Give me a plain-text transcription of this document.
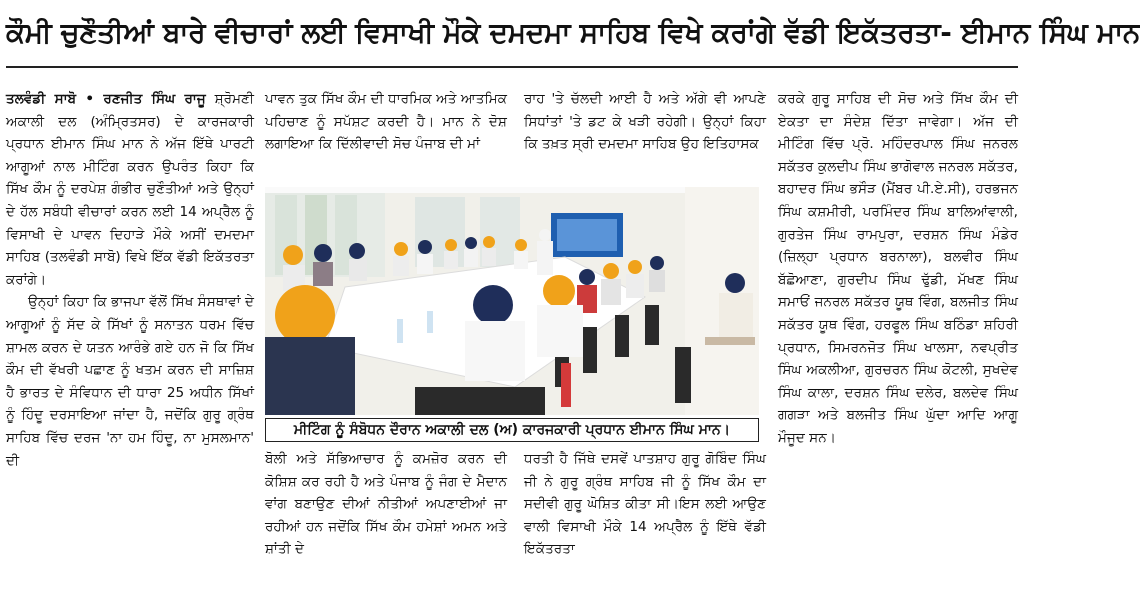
ਕੌਮੀ ਚੁਣੌਤੀਆਂ ਬਾਰੇ ਵੀਚਾਰਾਂ ਲਈ ਵਿਸਾਖੀ ਮੌਕੇ ਦਮਦਮਾ ਸਾਹਿਬ ਵਿਖੇ ਕਰਾਂਗੇ ਵੱਡੀ ਇਕੱਤਰਤਾ- ਈਮਾਨ ਸਿੰਘ ਮਾਨ

ਤਲਵੰਡੀ ਸਾਬੋ • ਰਣਜੀਤ ਸਿੰਘ ਰਾਜੂ ਸ਼੍ਰੋਮਣੀ ਅਕਾਲੀ ਦਲ (ਅੰਮ੍ਰਿਤਸਰ) ਦੇ ਕਾਰਜਕਾਰੀ ਪ੍ਰਧਾਨ ਈਮਾਨ ਸਿੰਘ ਮਾਨ ਨੇ ਅੱਜ ਇੱਥੇ ਪਾਰਟੀ ਆਗੂਆਂ ਨਾਲ ਮੀਟਿੰਗ ਕਰਨ ਉਪਰੰਤ ਕਿਹਾ ਕਿ ਸਿੱਖ ਕੌਮ ਨੂੰ ਦਰਪੇਸ਼ ਗੰਭੀਰ ਚੁਣੌਤੀਆਂ ਅਤੇ ਉਨ੍ਹਾਂ ਦੇ ਹੱਲ ਸਬੰਧੀ ਵੀਚਾਰਾਂ ਕਰਨ ਲਈ 14 ਅਪ੍ਰੈਲ ਨੂੰ ਵਿਸਾਖੀ ਦੇ ਪਾਵਨ ਦਿਹਾੜੇ ਮੌਕੇ ਅਸੀਂ ਦਮਦਮਾ ਸਾਹਿਬ (ਤਲਵੰਡੀ ਸਾਬੋ) ਵਿਖੇ ਇੱਕ ਵੱਡੀ ਇਕੱਤਰਤਾ ਕਰਾਂਗੇ।

ਉਨ੍ਹਾਂ ਕਿਹਾ ਕਿ ਭਾਜਪਾ ਵੱਲੋਂ ਸਿੱਖ ਸੰਸਥਾਵਾਂ ਦੇ ਆਗੂਆਂ ਨੂੰ ਸੱਦ ਕੇ ਸਿੱਖਾਂ ਨੂੰ ਸਨਾਤਨ ਧਰਮ ਵਿੱਚ ਸ਼ਾਮਲ ਕਰਨ ਦੇ ਯਤਨ ਆਰੰਭੇ ਗਏ ਹਨ ਜੋ ਕਿ ਸਿੱਖ ਕੌਮ ਦੀ ਵੱਖਰੀ ਪਛਾਣ ਨੂੰ ਖਤਮ ਕਰਨ ਦੀ ਸਾਜ਼ਿਸ਼ ਹੈ ਭਾਰਤ ਦੇ ਸੰਵਿਧਾਨ ਦੀ ਧਾਰਾ 25 ਅਧੀਨ ਸਿੱਖਾਂ ਨੂੰ ਹਿੰਦੂ ਦਰਸਾਇਆ ਜਾਂਦਾ ਹੈ, ਜਦੋਂਕਿ ਗੁਰੂ ਗ੍ਰੰਥ ਸਾਹਿਬ ਵਿੱਚ ਦਰਜ 'ਨਾ ਹਮ ਹਿੰਦੂ, ਨਾ ਮੁਸਲਮਾਨ' ਦੀ

ਪਾਵਨ ਤੁਕ ਸਿੱਖ ਕੌਮ ਦੀ ਧਾਰਮਿਕ ਅਤੇ ਆਤਮਿਕ ਪਹਿਚਾਣ ਨੂੰ ਸਪੱਸ਼ਟ ਕਰਦੀ ਹੈ। ਮਾਨ ਨੇ ਦੋਸ਼ ਲਗਾਇਆ ਕਿ ਦਿੱਲੀਵਾਦੀ ਸੋਚ ਪੰਜਾਬ ਦੀ ਮਾਂ

ਰਾਹ 'ਤੇ ਚੱਲਦੀ ਆਈ ਹੈ ਅਤੇ ਅੱਗੇ ਵੀ ਆਪਣੇ ਸਿਧਾਂਤਾਂ 'ਤੇ ਡਟ ਕੇ ਖੜੀ ਰਹੇਗੀ। ਉਨ੍ਹਾਂ ਕਿਹਾ ਕਿ ਤਖ਼ਤ ਸ੍ਰੀ ਦਮਦਮਾ ਸਾਹਿਬ ਉਹ ਇਤਿਹਾਸਕ

ਮੀਟਿੰਗ ਨੂੰ ਸੰਬੋਧਨ ਦੌਰਾਨ ਅਕਾਲੀ ਦਲ (ਅ) ਕਾਰਜਕਾਰੀ ਪ੍ਰਧਾਨ ਈਮਾਨ ਸਿੰਘ ਮਾਨ।

ਬੋਲੀ ਅਤੇ ਸੱਭਿਆਚਾਰ ਨੂੰ ਕਮਜ਼ੋਰ ਕਰਨ ਦੀ ਕੋਸ਼ਿਸ਼ ਕਰ ਰਹੀ ਹੈ ਅਤੇ ਪੰਜਾਬ ਨੂੰ ਜੰਗ ਦੇ ਮੈਦਾਨ ਵਾਂਗ ਬਣਾਉਣ ਦੀਆਂ ਨੀਤੀਆਂ ਅਪਣਾਈਆਂ ਜਾ ਰਹੀਆਂ ਹਨ ਜਦੋਂਕਿ ਸਿੱਖ ਕੌਮ ਹਮੇਸ਼ਾਂ ਅਮਨ ਅਤੇ ਸ਼ਾਂਤੀ ਦੇ

ਧਰਤੀ ਹੈ ਜਿੱਥੇ ਦਸਵੇਂ ਪਾਤਸ਼ਾਹ ਗੁਰੂ ਗੋਬਿੰਦ ਸਿੰਘ ਜੀ ਨੇ ਗੁਰੂ ਗ੍ਰੰਥ ਸਾਹਿਬ ਜੀ ਨੂੰ ਸਿੱਖ ਕੌਮ ਦਾ ਸਦੀਵੀ ਗੁਰੂ ਘੋਸ਼ਿਤ ਕੀਤਾ ਸੀ।ਇਸ ਲਈ ਆਉਣ ਵਾਲੀ ਵਿਸਾਖੀ ਮੌਕੇ 14 ਅਪ੍ਰੈਲ ਨੂੰ ਇੱਥੇ ਵੱਡੀ ਇਕੱਤਰਤਾ

ਕਰਕੇ ਗੁਰੂ ਸਾਹਿਬ ਦੀ ਸੋਚ ਅਤੇ ਸਿੱਖ ਕੌਮ ਦੀ ਏਕਤਾ ਦਾ ਸੰਦੇਸ਼ ਦਿੱਤਾ ਜਾਵੇਗਾ। ਅੱਜ ਦੀ ਮੀਟਿੰਗ ਵਿੱਚ ਪ੍ਰੋ. ਮਹਿੰਦਰਪਾਲ ਸਿੰਘ ਜਨਰਲ ਸਕੱਤਰ ਕੁਲਦੀਪ ਸਿੰਘ ਭਾਗੋਵਾਲ ਜਨਰਲ ਸਕੱਤਰ, ਬਹਾਦਰ ਸਿੰਘ ਭਸੌੜ (ਮੈਂਬਰ ਪੀ.ਏ.ਸੀ), ਹਰਭਜਨ ਸਿੰਘ ਕਸ਼ਮੀਰੀ, ਪਰਮਿੰਦਰ ਸਿੰਘ ਬਾਲਿਆਂਵਾਲੀ, ਗੁਰਤੇਜ ਸਿੰਘ ਰਾਮਪੁਰਾ, ਦਰਸ਼ਨ ਸਿੰਘ ਮੰਡੇਰ (ਜ਼ਿਲ੍ਹਾ ਪ੍ਰਧਾਨ ਬਰਨਾਲਾ), ਬਲਵੀਰ ਸਿੰਘ ਬੱਛੋਆਣਾ, ਗੁਰਦੀਪ ਸਿੰਘ ਢੁੱਡੀ, ਮੱਖਣ ਸਿੰਘ ਸਮਾਓਂ ਜਨਰਲ ਸਕੱਤਰ ਯੂਥ ਵਿੰਗ, ਬਲਜੀਤ ਸਿੰਘ ਸਕੱਤਰ ਯੂਥ ਵਿੰਗ, ਹਰਫੂਲ ਸਿੰਘ ਬਠਿੰਡਾ ਸ਼ਹਿਰੀ ਪ੍ਰਧਾਨ, ਸਿਮਰਨਜੋਤ ਸਿੰਘ ਖਾਲਸਾ, ਨਵਪ੍ਰੀਤ ਸਿੰਘ ਅਕਲੀਆ, ਗੁਰਚਰਨ ਸਿੰਘ ਕੋਟਲੀ, ਸੁਖਦੇਵ ਸਿੰਘ ਕਾਲਾ, ਦਰਸ਼ਨ ਸਿੰਘ ਦਲੇਰ, ਬਲਦੇਵ ਸਿੰਘ ਗਗੜਾ ਅਤੇ ਬਲਜੀਤ ਸਿੰਘ ਘੁੱਦਾ ਆਦਿ ਆਗੂ ਮੌਜੂਦ ਸਨ।
